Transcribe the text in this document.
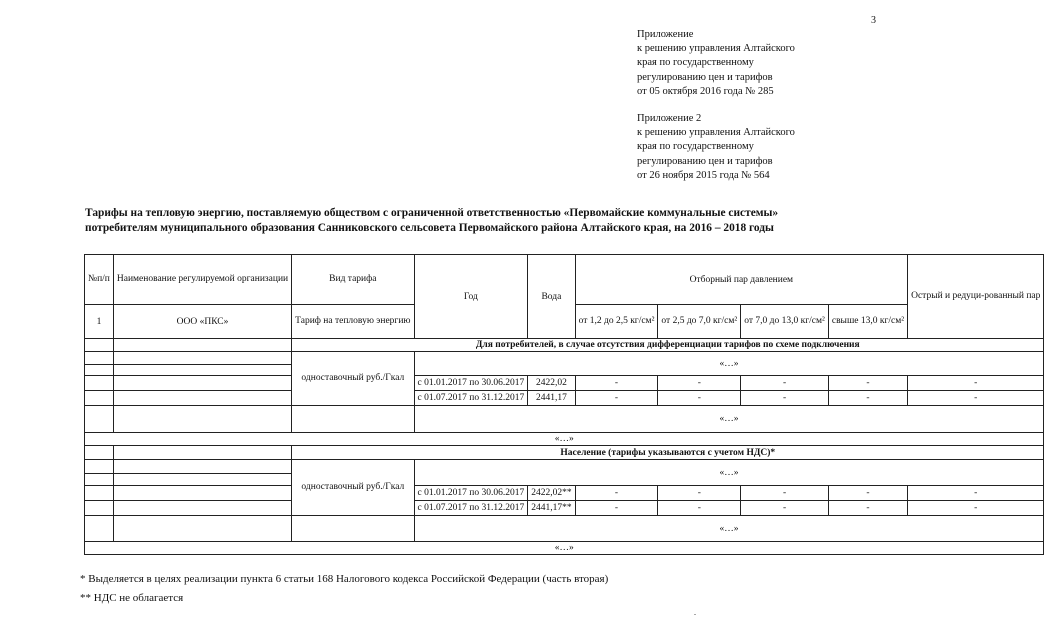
3
Приложение
к решению управления Алтайского
края по государственному
регулированию цен и тарифов
от 05 октября 2016 года № 285
Приложение 2
к решению управления Алтайского
края по государственному
регулированию цен и тарифов
от 26 ноября 2015 года № 564
Тарифы на тепловую энергию, поставляемую обществом с ограниченной ответственностью «Первомайские коммунальные системы»
потребителям муниципального образования Санниковского сельсовета Первомайского района Алтайского края, на 2016 – 2018 годы
№п/п	Наименование регулируемой организации	Вид тарифа	Год	Вода	Отборный пар давлением				Острый и редуци-рованный пар
1	ООО «ПКС»	Тариф на тепловую энергию			от 1,2 до 2,5 кг/см²	от 2,5 до 7,0 кг/см²	от 7,0 до 13,0 кг/см²	свыше 13,0 кг/см²	
		Для потребителей, в случае отсутствия дифференциации тарифов по схеме подключения							
		одноставочный руб./Гкал	«…»						

			с 01.01.2017 по 30.06.2017	2422,02	-	-	-	-	-
			с 01.07.2017 по 31.12.2017	2441,17	-	-	-	-	-
			«…»						
«…»									
		Население (тарифы указываются с учетом НДС)*							
		одноставочный руб./Гкал	«…»						

			с 01.01.2017 по 30.06.2017	2422,02**	-	-	-	-	-
			с 01.07.2017 по 31.12.2017	2441,17**	-	-	-	-	-
			«…»						
«…»									
* Выделяется в целях реализации пункта 6 статьи 168 Налогового кодекса Российской Федерации (часть вторая)
** НДС не облагается
.
